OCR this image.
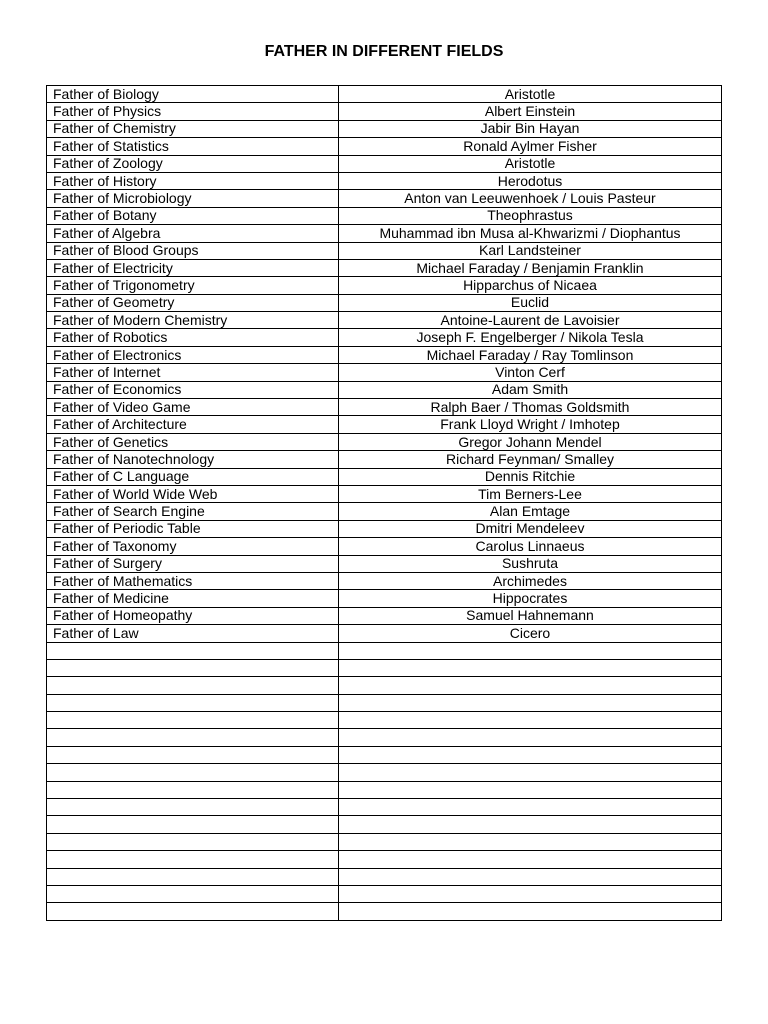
FATHER IN DIFFERENT FIELDS
Father of Biology	Aristotle
Father of Physics	Albert Einstein
Father of Chemistry	Jabir Bin Hayan
Father of Statistics	Ronald Aylmer Fisher
Father of Zoology	Aristotle
Father of History	Herodotus
Father of Microbiology	Anton van Leeuwenhoek / Louis Pasteur
Father of Botany	Theophrastus
Father of Algebra	Muhammad ibn Musa al-Khwarizmi / Diophantus
Father of Blood Groups	Karl Landsteiner
Father of Electricity	Michael Faraday / Benjamin Franklin
Father of Trigonometry	Hipparchus of Nicaea
Father of Geometry	Euclid
Father of Modern Chemistry	Antoine-Laurent de Lavoisier
Father of Robotics	Joseph F. Engelberger / Nikola Tesla
Father of Electronics	Michael Faraday / Ray Tomlinson
Father of Internet	Vinton Cerf
Father of Economics	Adam Smith
Father of Video Game	Ralph Baer / Thomas Goldsmith
Father of Architecture	Frank Lloyd Wright / Imhotep
Father of Genetics	Gregor Johann Mendel
Father of Nanotechnology	Richard Feynman/ Smalley
Father of C Language	Dennis Ritchie
Father of World Wide Web	Tim Berners-Lee
Father of Search Engine	Alan Emtage
Father of Periodic Table	Dmitri Mendeleev
Father of Taxonomy	Carolus Linnaeus
Father of Surgery	Sushruta
Father of Mathematics	Archimedes
Father of Medicine	Hippocrates
Father of Homeopathy	Samuel Hahnemann
Father of Law	Cicero
